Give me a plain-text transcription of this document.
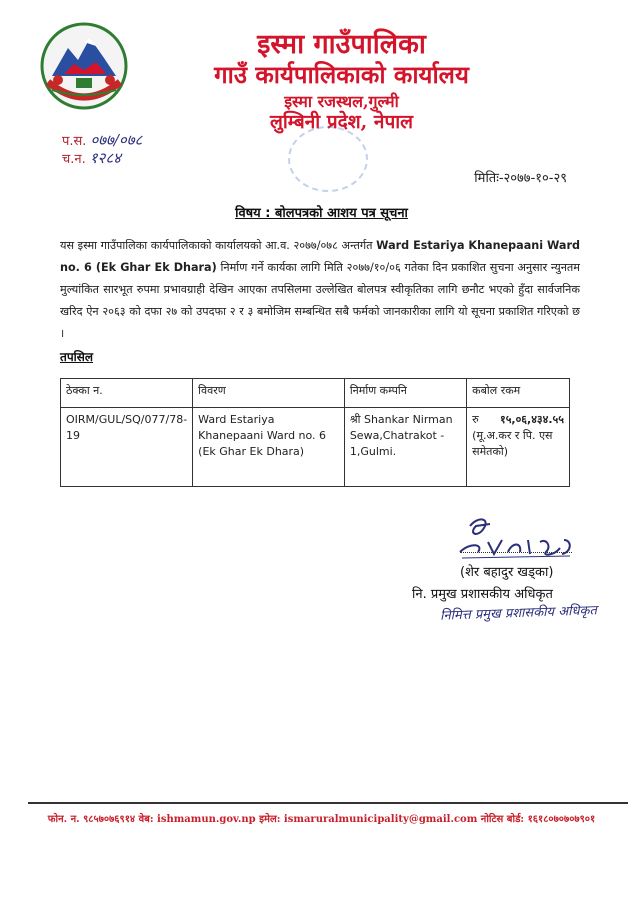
इस्मा गाउँपालिका
गाउँ कार्यपालिकाको कार्यालय
इस्मा रजस्थल,गुल्मी
लुम्बिनी प्रदेश, नेपाल
प.स. ०७७/०७८
च.न. १२८४
मितिः-२०७७-१०-२९
विषय : बोलपत्रको आशय पत्र सूचना
यस इस्मा गाउँपालिका कार्यपालिकाको कार्यालयको आ.व. २०७७/०७८ अन्तर्गत Ward Estariya Khanepaani Ward no. 6 (Ek Ghar Ek Dhara) निर्माण गर्ने कार्यका लागि मिति २०७७/१०/०६ गतेका दिन प्रकाशित सुचना अनुसार न्युनतम मुल्यांकित सारभूत रुपमा प्रभावग्राही देखिन आएका तपसिलमा उल्लेखित बोलपत्र स्वीकृतिका लागि छनौट भएको हुँदा सार्वजनिक खरिद ऐन २०६३ को दफा २७ को उपदफा २ र ३ बमोजिम सम्बन्धित सबै फर्मको जानकारीका लागि यो सूचना प्रकाशित गरिएको छ ।
तपसिल
ठेक्का न.	विवरण	निर्माण कम्पनि	कबोल रकम
OIRM/GUL/SQ/077/78-19	Ward Estariya Khanepaani Ward no. 6 (Ek Ghar Ek Dhara)	श्री Shankar Nirman Sewa,Chatrakot - 1,Gulmi.	रु १५,०६,४३४.५५
(मू.अ.कर र पि. एस समेतको)
(शेर बहादुर खड्का)
नि. प्रमुख प्रशासकीय अधिकृत
निमित्त प्रमुख प्रशासकीय अधिकृत
फोन. न. ९८५७०७६९१४ वेब: ishmamun.gov.np इमेल: ismaruralmunicipality@gmail.com नोटिस बोर्ड: १६१८०७०७०७९०१
